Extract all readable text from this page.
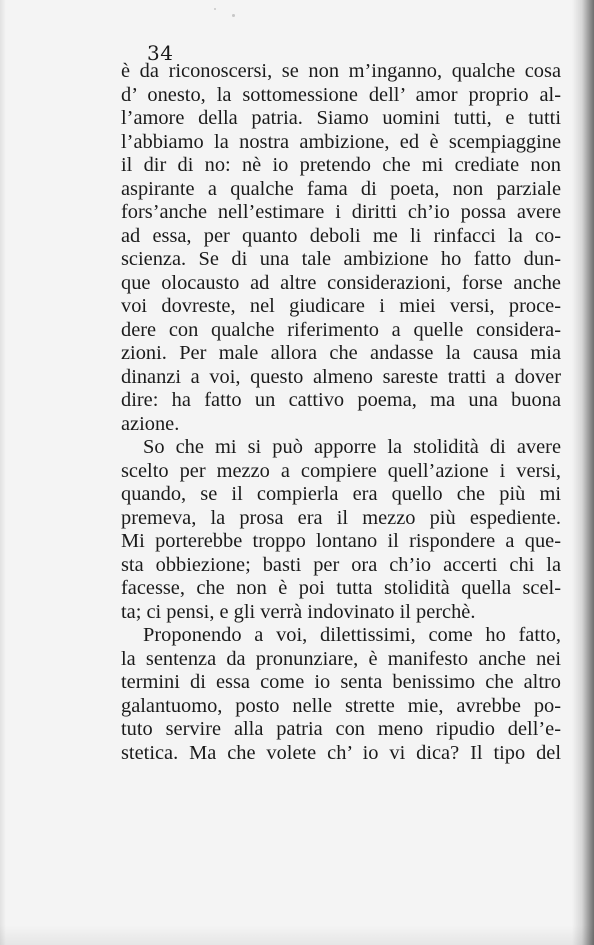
34
è da riconoscersi, se non m’inganno, qualche cosa
d’ onesto, la sottomessione dell’ amor proprio al-
l’amore della patria. Siamo uomini tutti, e tutti
l’abbiamo la nostra ambizione, ed è scempiaggine
il dir di no: nè io pretendo che mi crediate non
aspirante a qualche fama di poeta, non parziale
fors’anche nell’estimare i diritti ch’io possa avere
ad essa, per quanto deboli me li rinfacci la co-
scienza. Se di una tale ambizione ho fatto dun-
que olocausto ad altre considerazioni, forse anche
voi dovreste, nel giudicare i miei versi, proce-
dere con qualche riferimento a quelle considera-
zioni. Per male allora che andasse la causa mia
dinanzi a voi, questo almeno sareste tratti a dover
dire: ha fatto un cattivo poema, ma una buona
azione.
So che mi si può apporre la stolidità di avere
scelto per mezzo a compiere quell’azione i versi,
quando, se il compierla era quello che più mi
premeva, la prosa era il mezzo più espediente.
Mi porterebbe troppo lontano il rispondere a que-
sta obbiezione; basti per ora ch’io accerti chi la
facesse, che non è poi tutta stolidità quella scel-
ta; ci pensi, e gli verrà indovinato il perchè.
Proponendo a voi, dilettissimi, come ho fatto,
la sentenza da pronunziare, è manifesto anche nei
termini di essa come io senta benissimo che altro
galantuomo, posto nelle strette mie, avrebbe po-
tuto servire alla patria con meno ripudio dell’e-
stetica. Ma che volete ch’ io vi dica? Il tipo del
